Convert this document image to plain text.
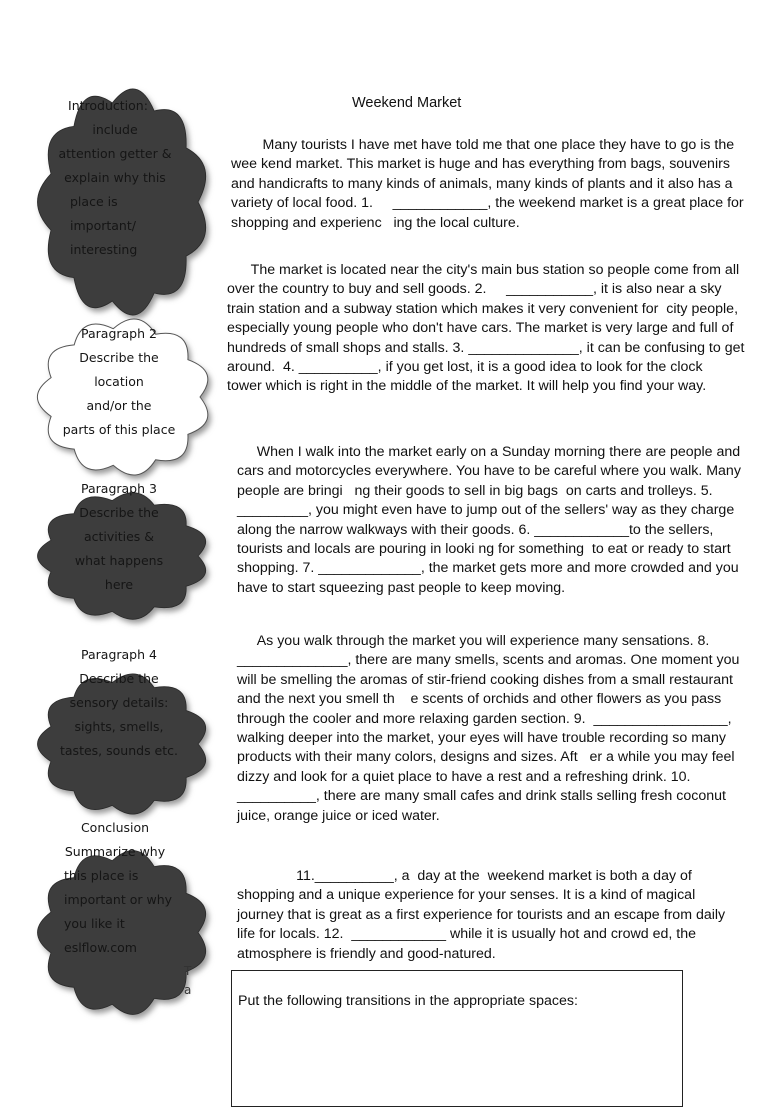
Introduction:
include
attention getter &
explain why this
place is
important/
interesting
Paragraph 2
Describe the
location
and/or the
parts of this place
Paragraph 3
Describe the
activities &
what happens
here
Paragraph 4
Describe the
sensory details:
sights, smells,
tastes, sounds etc.
Conclusion
Summarize why
this place is
important or why
you like it
eslflow.com
T
a
Weekend Market
Many tourists I have met have told me that one place they have to go is the  wee kend market. This market is huge and has everything from bags, souvenirs and handicrafts to many kinds of animals, many kinds of plants and it also has a variety of local food. 1.     ____________, the weekend market is a great place for shopping and experienc   ing the local culture.
The market is located near the city's main bus station so people come from all over the country to buy and sell goods. 2.     ___________, it is also near a sky train station and a subway station which makes it very convenient for  city people, especially young people who don't have cars. The market is very large and full of hundreds of small shops and stalls. 3. ______________, it can be confusing to get around.  4. __________, if you get lost, it is a good idea to look for the clock    tower which is right in the middle of the market. It will help you find your way.
When I walk into the market early on a Sunday morning there are people and cars and motorcycles everywhere. You have to be careful where you walk. Many people are bringi   ng their goods to sell in big bags  on carts and trolleys. 5.    _________, you might even have to jump out of the sellers' way as they charge along the narrow walkways with their goods. 6. ____________to the sellers, tourists and locals are pouring in looki ng for something  to eat or ready to start shopping. 7. _____________, the market gets more and more crowded and you have to start squeezing past people to keep moving.
As you walk through the market you will experience many sensations. 8.  ______________, there are many smells, scents and aromas. One moment you will be smelling the aromas of stir-friend cooking dishes from a small restaurant and the next you smell th    e scents of orchids and other flowers as you pass through the cooler and more relaxing garden section. 9.  _________________, walking deeper into the market, your eyes will have trouble recording so many products with their many colors, designs and sizes. Aft   er a while you may feel dizzy and look for a quiet place to have a rest and a refreshing drink. 10. __________, there are many small cafes and drink stalls selling fresh coconut juice, orange juice or iced water.
11.__________, a  day at the  weekend market is both a day of  shopping and a unique experience for your senses. It is a kind of magical journey that is great as a first experience for tourists and an escape from daily life for locals. 12.  ____________ while it is usually hot and crowd ed, the atmosphere is friendly and good-natured.
Put the following transitions in the appropriate spaces:
